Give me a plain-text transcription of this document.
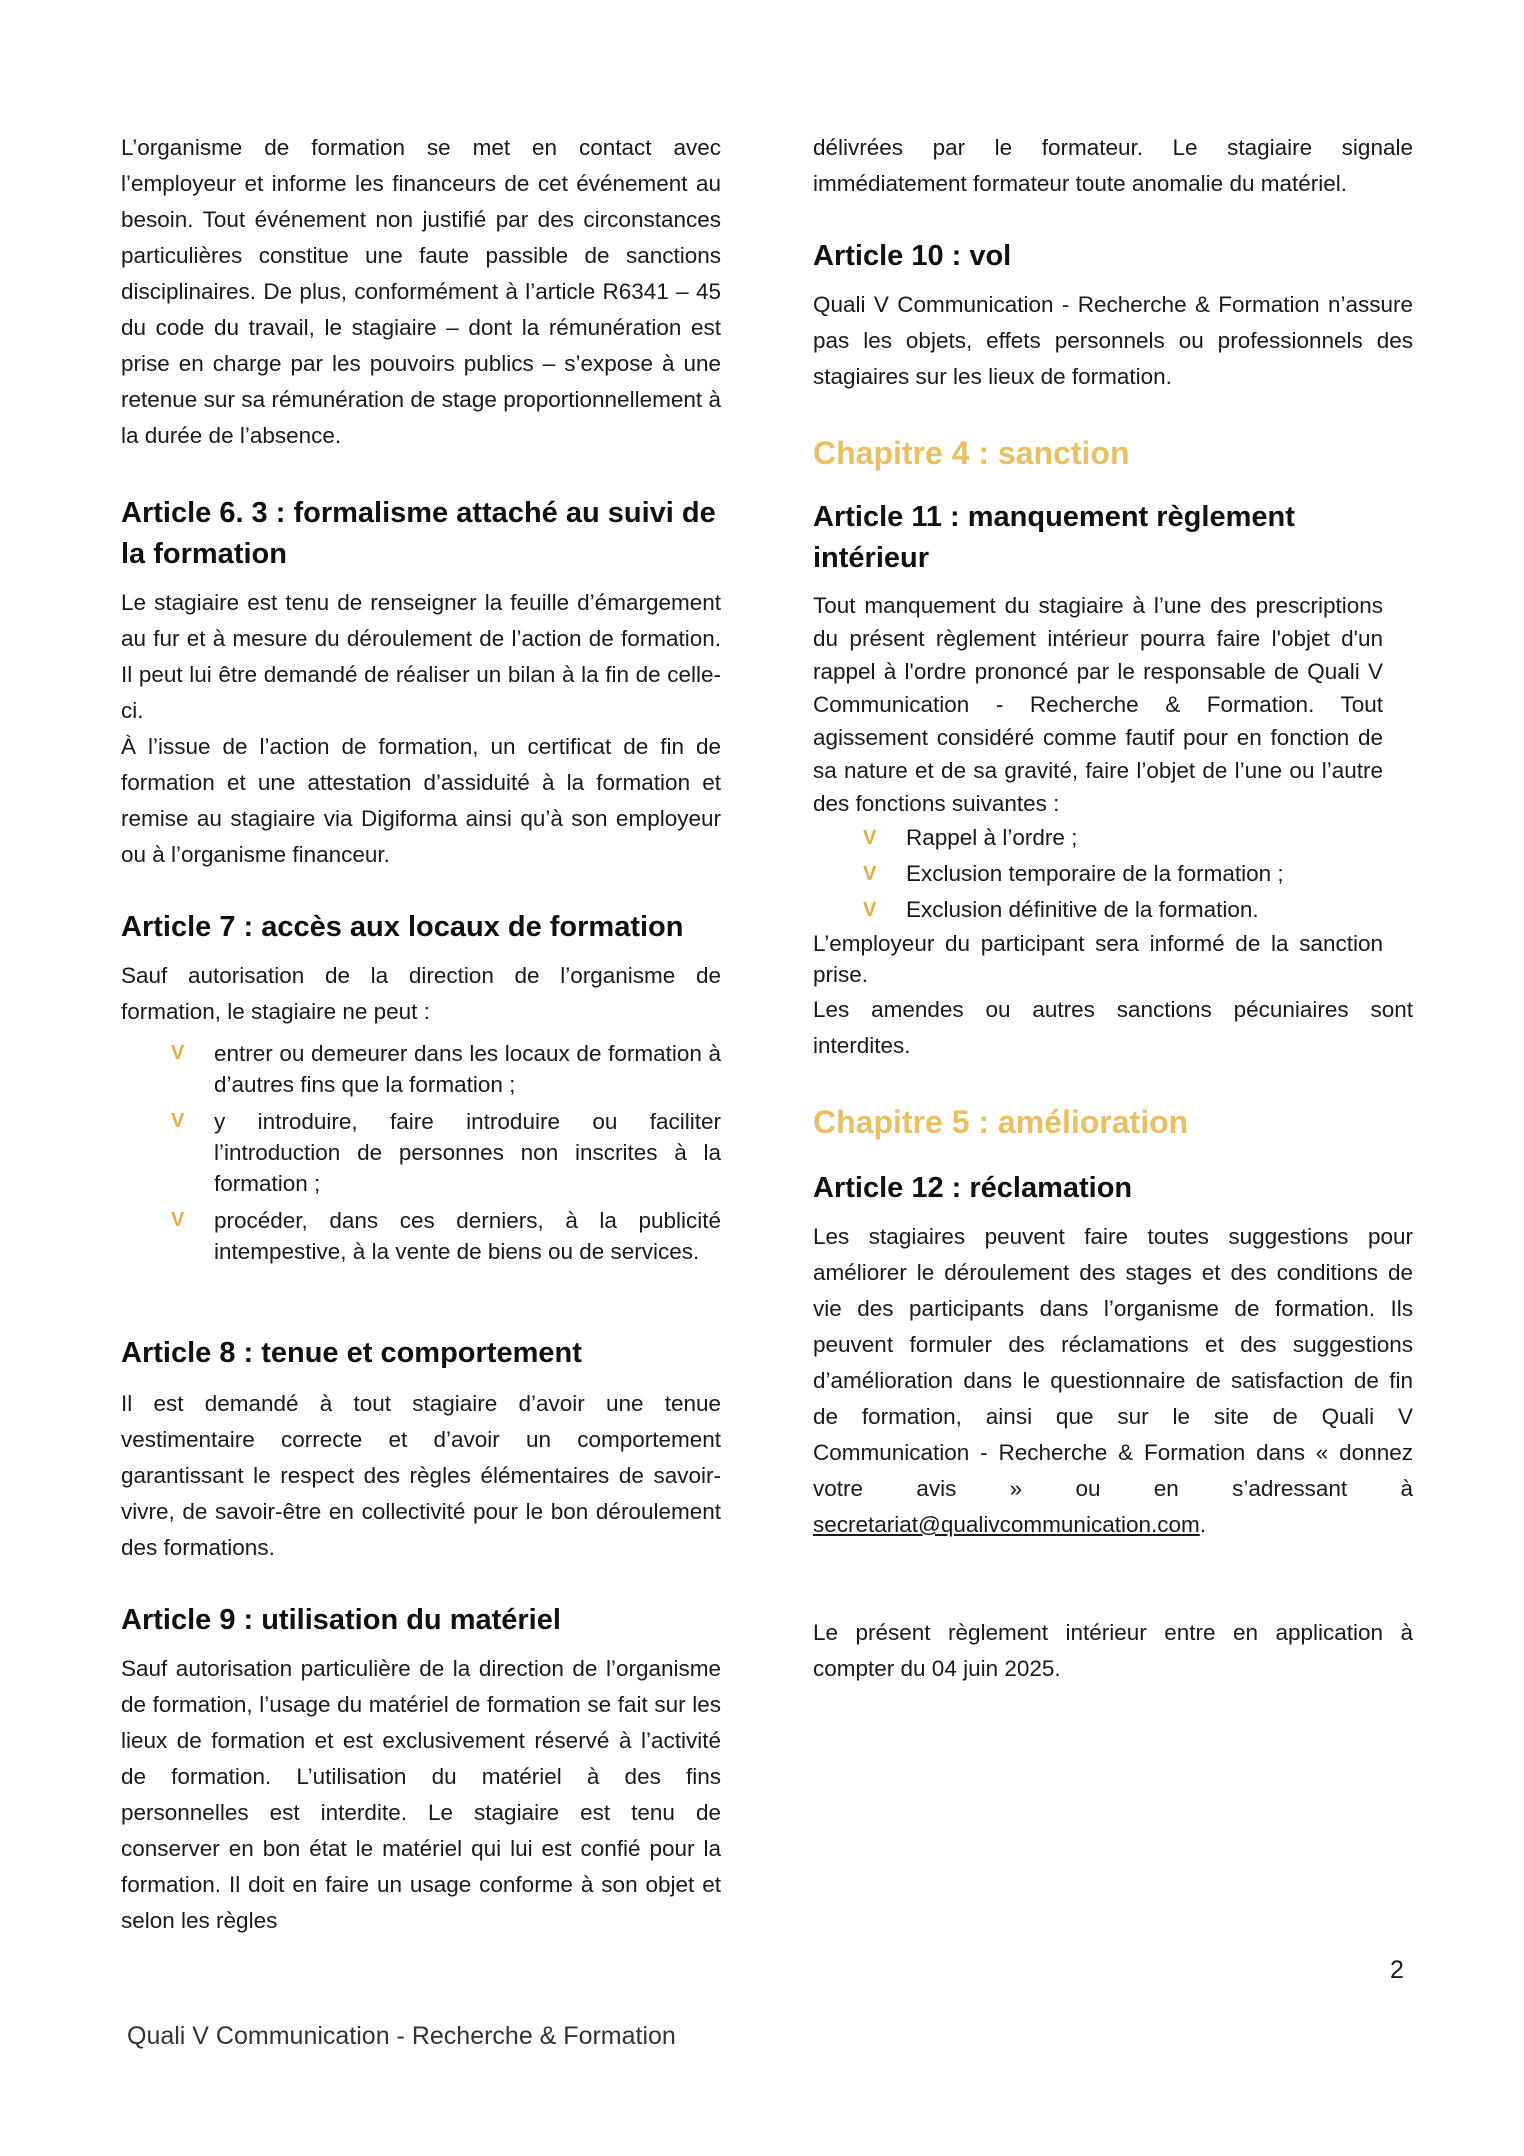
L’organisme de formation se met en contact avec l’employeur et informe les financeurs de cet événement au besoin. Tout événement non justifié par des circonstances particulières constitue une faute passible de sanctions disciplinaires. De plus, conformément à l’article R6341 – 45 du code du travail, le stagiaire – dont la rémunération est prise en charge par les pouvoirs publics – s’expose à une retenue sur sa rémunération de stage proportionnellement à la durée de l’absence.

Article 6. 3 : formalisme attaché au suivi de la formation

Le stagiaire est tenu de renseigner la feuille d’émargement au fur et à mesure du déroulement de l’action de formation. Il peut lui être demandé de réaliser un bilan à la fin de celle-ci.

À l’issue de l’action de formation, un certificat de fin de formation et une attestation d’assiduité à la formation et remise au stagiaire via Digiforma ainsi qu’à son employeur ou à l’organisme financeur.

Article 7 : accès aux locaux de formation

Sauf autorisation de la direction de l’organisme de formation, le stagiaire ne peut :

V entrer ou demeurer dans les locaux de formation à d’autres fins que la formation ;
V y introduire, faire introduire ou faciliter l’introduction de personnes non inscrites à la formation ;
V procéder, dans ces derniers, à la publicité intempestive, à la vente de biens ou de services.
Article 8 : tenue et comportement

Il est demandé à tout stagiaire d’avoir une tenue vestimentaire correcte et d’avoir un comportement garantissant le respect des règles élémentaires de savoir-vivre, de savoir-être en collectivité pour le bon déroulement des formations.

Article 9 : utilisation du matériel

Sauf autorisation particulière de la direction de l’organisme de formation, l’usage du matériel de formation se fait sur les lieux de formation et est exclusivement réservé à l’activité de formation. L’utilisation du matériel à des fins personnelles est interdite. Le stagiaire est tenu de conserver en bon état le matériel qui lui est confié pour la formation. Il doit en faire un usage conforme à son objet et selon les règles

délivrées par le formateur. Le stagiaire signale immédiatement formateur toute anomalie du matériel.

Article 10 : vol

Quali V Communication - Recherche & Formation n’assure pas les objets, effets personnels ou professionnels des stagiaires sur les lieux de formation.

Chapitre 4 : sanction
Article 11 : manquement règlement intérieur

Tout manquement du stagiaire à l’une des prescriptions du présent règlement intérieur pourra faire l'objet d'un rappel à l'ordre prononcé par le responsable de Quali V Communication - Recherche & Formation. Tout agissement considéré comme fautif pour en fonction de sa nature et de sa gravité, faire l’objet de l’une ou l’autre des fonctions suivantes :

V Rappel à l’ordre ;
V Exclusion temporaire de la formation ;
V Exclusion définitive de la formation.

L’employeur du participant sera informé de la sanction prise.

Les amendes ou autres sanctions pécuniaires sont interdites.

Chapitre 5 : amélioration
Article 12 : réclamation

Les stagiaires peuvent faire toutes suggestions pour améliorer le déroulement des stages et des conditions de vie des participants dans l’organisme de formation. Ils peuvent formuler des réclamations et des suggestions d’amélioration dans le questionnaire de satisfaction de fin de formation, ainsi que sur le site de Quali V Communication - Recherche & Formation dans « donnez votre avis » ou en s’adressant à secretariat@qualivcommunication.com.

Le présent règlement intérieur entre en application à compter du 04 juin 2025.

2
Quali V Communication - Recherche & Formation
